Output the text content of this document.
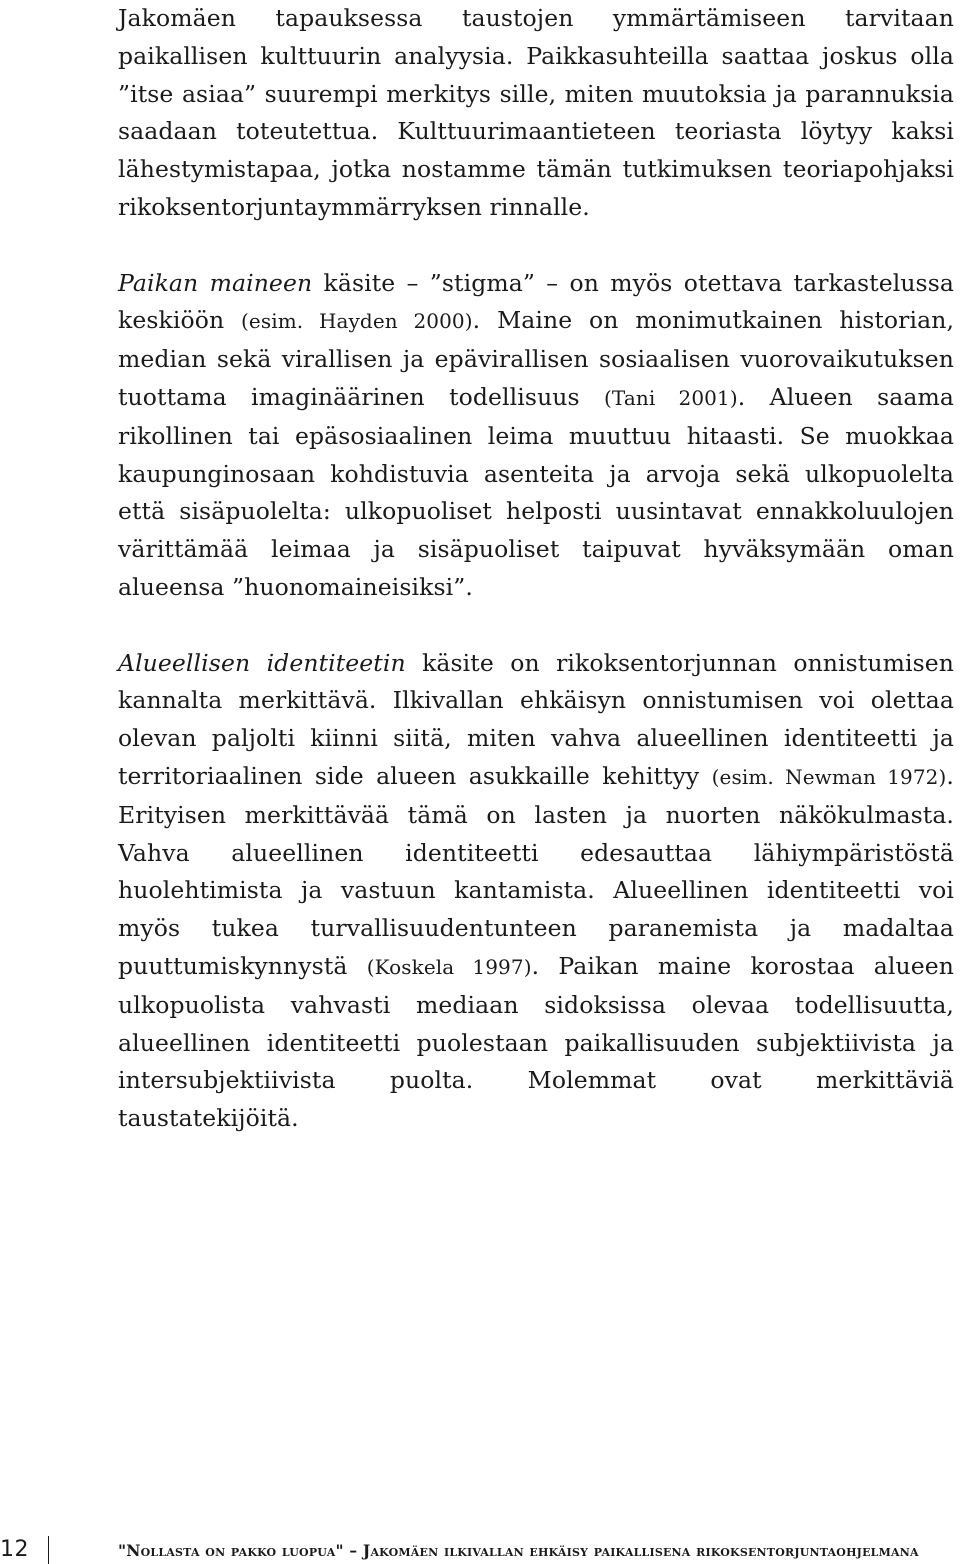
Jakomäen tapauksessa taustojen ymmärtämiseen tarvitaan paikallisen kulttuurin analyysia. Paikkasuhteilla saattaa joskus olla ”itse asiaa” suurempi merkitys sille, miten muutoksia ja parannuksia saadaan toteutettua. Kulttuurimaantieteen teoriasta löytyy kaksi lähestymistapaa, jotka nostamme tämän tutkimuksen teoriapohjaksi rikoksentorjuntaymmärryksen rinnalle.

Paikan maineen käsite – ”stigma” – on myös otettava tarkastelussa keskiöön (esim. Hayden 2000). Maine on monimutkainen historian, median sekä virallisen ja epävirallisen sosiaalisen vuorovaikutuksen tuottama imaginäärinen todellisuus (Tani 2001). Alueen saama rikollinen tai epäsosiaalinen leima muuttuu hitaasti. Se muokkaa kaupunginosaan kohdistuvia asenteita ja arvoja sekä ulkopuolelta että sisäpuolelta: ulkopuoliset helposti uusintavat ennakkoluulojen värittämää leimaa ja sisäpuoliset taipuvat hyväksymään oman alueensa ”huonomaineisiksi”.

Alueellisen identiteetin käsite on rikoksentorjunnan onnistumisen kannalta merkittävä. Ilkivallan ehkäisyn onnistumisen voi olettaa olevan paljolti kiinni siitä, miten vahva alueellinen identiteetti ja territoriaalinen side alueen asukkaille kehittyy (esim. Newman 1972). Erityisen merkittävää tämä on lasten ja nuorten näkökulmasta. Vahva alueellinen identiteetti edesauttaa lähiympäristöstä huolehtimista ja vastuun kantamista. Alueellinen identiteetti voi myös tukea turvallisuudentunteen paranemista ja madaltaa puuttumiskynnystä (Koskela 1997). Paikan maine korostaa alueen ulkopuolista vahvasti mediaan sidoksissa olevaa todellisuutta, alueellinen identiteetti puolestaan paikallisuuden subjektiivista ja intersubjektiivista puolta. Molemmat ovat merkittäviä taustatekijöitä.

12	"Nollasta on pakko luopua" – Jakomäen ilkivallan ehkäisy paikallisena rikoksentorjuntaohjelmana
